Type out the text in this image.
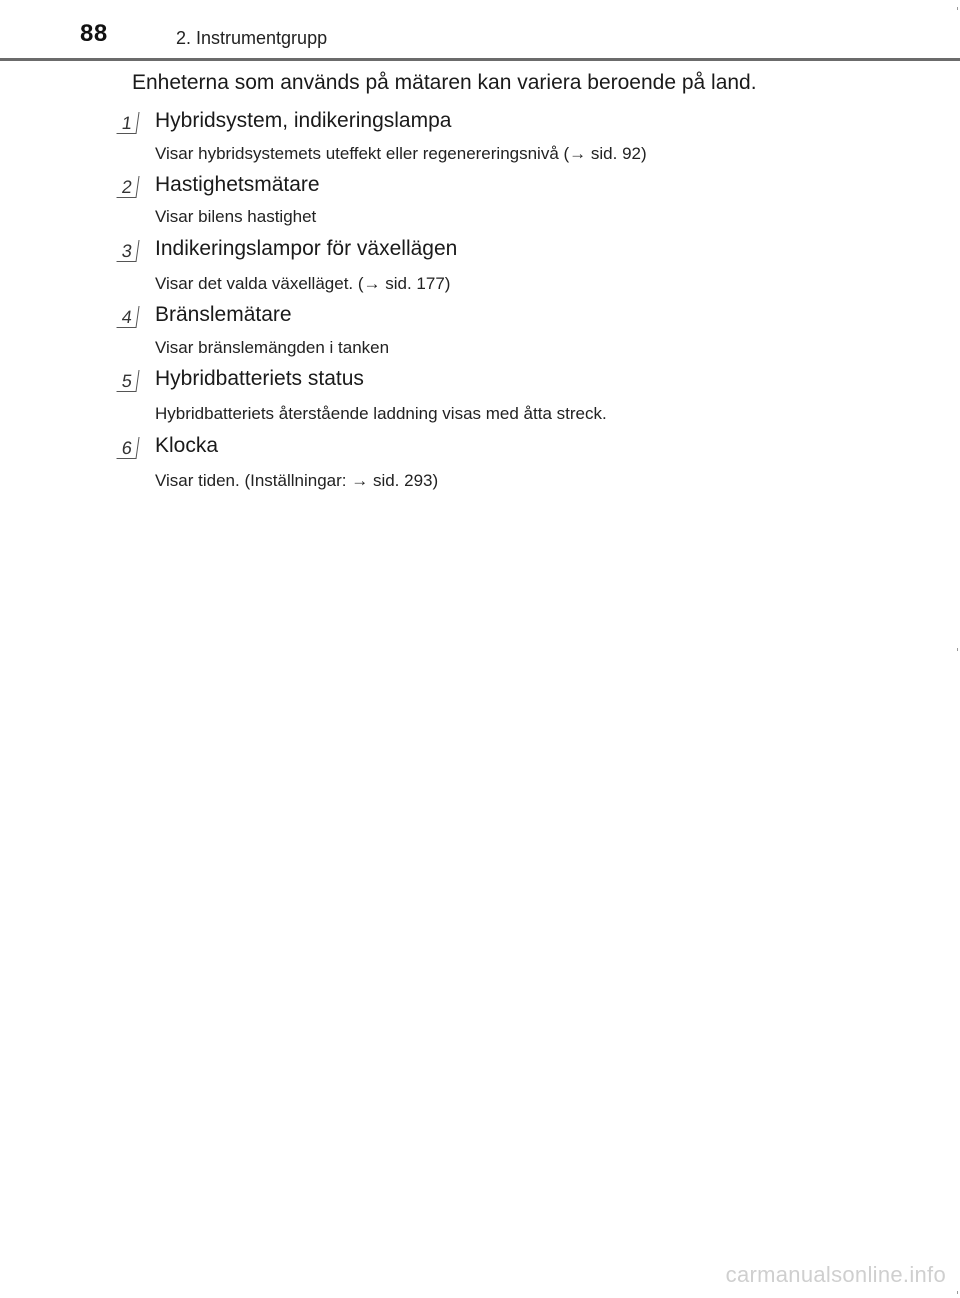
88	2. Instrumentgrupp
Enheterna som används på mätaren kan variera beroende på land.
1 Hybridsystem, indikeringslampa
Visar hybridsystemets uteffekt eller regenereringsnivå (→ sid. 92)
2 Hastighetsmätare
Visar bilens hastighet
3 Indikeringslampor för växellägen
Visar det valda växelläget. (→ sid. 177)
4 Bränslemätare
Visar bränslemängden i tanken
5 Hybridbatteriets status
Hybridbatteriets återstående laddning visas med åtta streck.
6 Klocka
Visar tiden. (Inställningar: → sid. 293)
carmanualsonline.info
